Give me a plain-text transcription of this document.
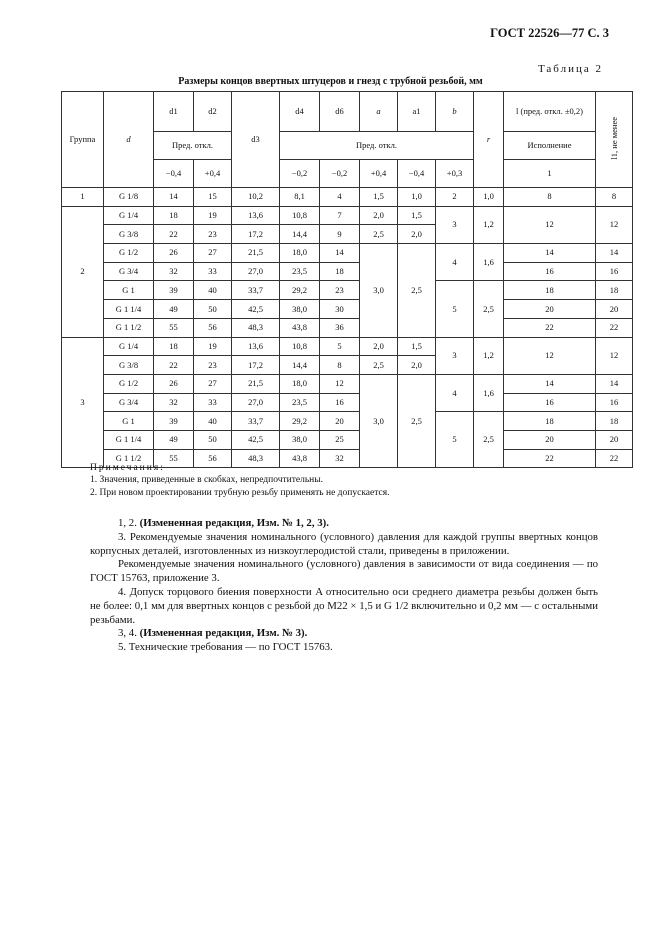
ГОСТ 22526—77 С. 3
Таблица 2
Размеры концов ввертных штуцеров и гнезд с трубной резьбой, мм
Группа	d	d1	d2	d3	d4	d6	a	a1	b	r	l (пред. откл. ±0,2)	l1, не менее
		Пред. откл.			Пред. откл.						Исполнение	
		−0,4	+0,4		−0,2	−0,2	+0,4	−0,4	+0,3		1	
1	G 1/8	14	15	10,2	8,1	4	1,5	1,0	2	1,0	8	8
2	G 1/4	18	19	13,6	10,8	7	2,0	1,5	3	1,2	12	12
	G 3/8	22	23	17,2	14,4	9	2,5	2,0				
	G 1/2	26	27	21,5	18,0	14	3,0	2,5	4	1,6	14	14
	G 3/4	32	33	27,0	23,5	18					16	16
	G 1	39	40	33,7	29,2	23			5	2,5	18	18
	G 1 1/4	49	50	42,5	38,0	30					20	20
	G 1 1/2	55	56	48,3	43,8	36					22	22
3	G 1/4	18	19	13,6	10,8	5	2,0	1,5	3	1,2	12	12
	G 3/8	22	23	17,2	14,4	8	2,5	2,0				
	G 1/2	26	27	21,5	18,0	12	3,0	2,5	4	1,6	14	14
	G 3/4	32	33	27,0	23,5	16					16	16
	G 1	39	40	33,7	29,2	20			5	2,5	18	18
	G 1 1/4	49	50	42,5	38,0	25					20	20
	G 1 1/2	55	56	48,3	43,8	32					22	22
Примечания:
1. Значения, приведенные в скобках, непредпочтительны.
2. При новом проектировании трубную резьбу применять не допускается.

1, 2. (Измененная редакция, Изм. № 1, 2, 3).

3. Рекомендуемые значения номинального (условного) давления для каждой группы ввертных концов корпусных деталей, изготовленных из низкоуглеродистой стали, приведены в приложении.

Рекомендуемые значения номинального (условного) давления в зависимости от вида соединения — по ГОСТ 15763, приложение 3.

4. Допуск торцового биения поверхности A относительно оси среднего диаметра резьбы должен быть не более: 0,1 мм для ввертных концов с резьбой до M22 × 1,5 и G 1/2 включительно и 0,2 мм — с остальными резьбами.

3, 4. (Измененная редакция, Изм. № 3).

5. Технические требования — по ГОСТ 15763.
